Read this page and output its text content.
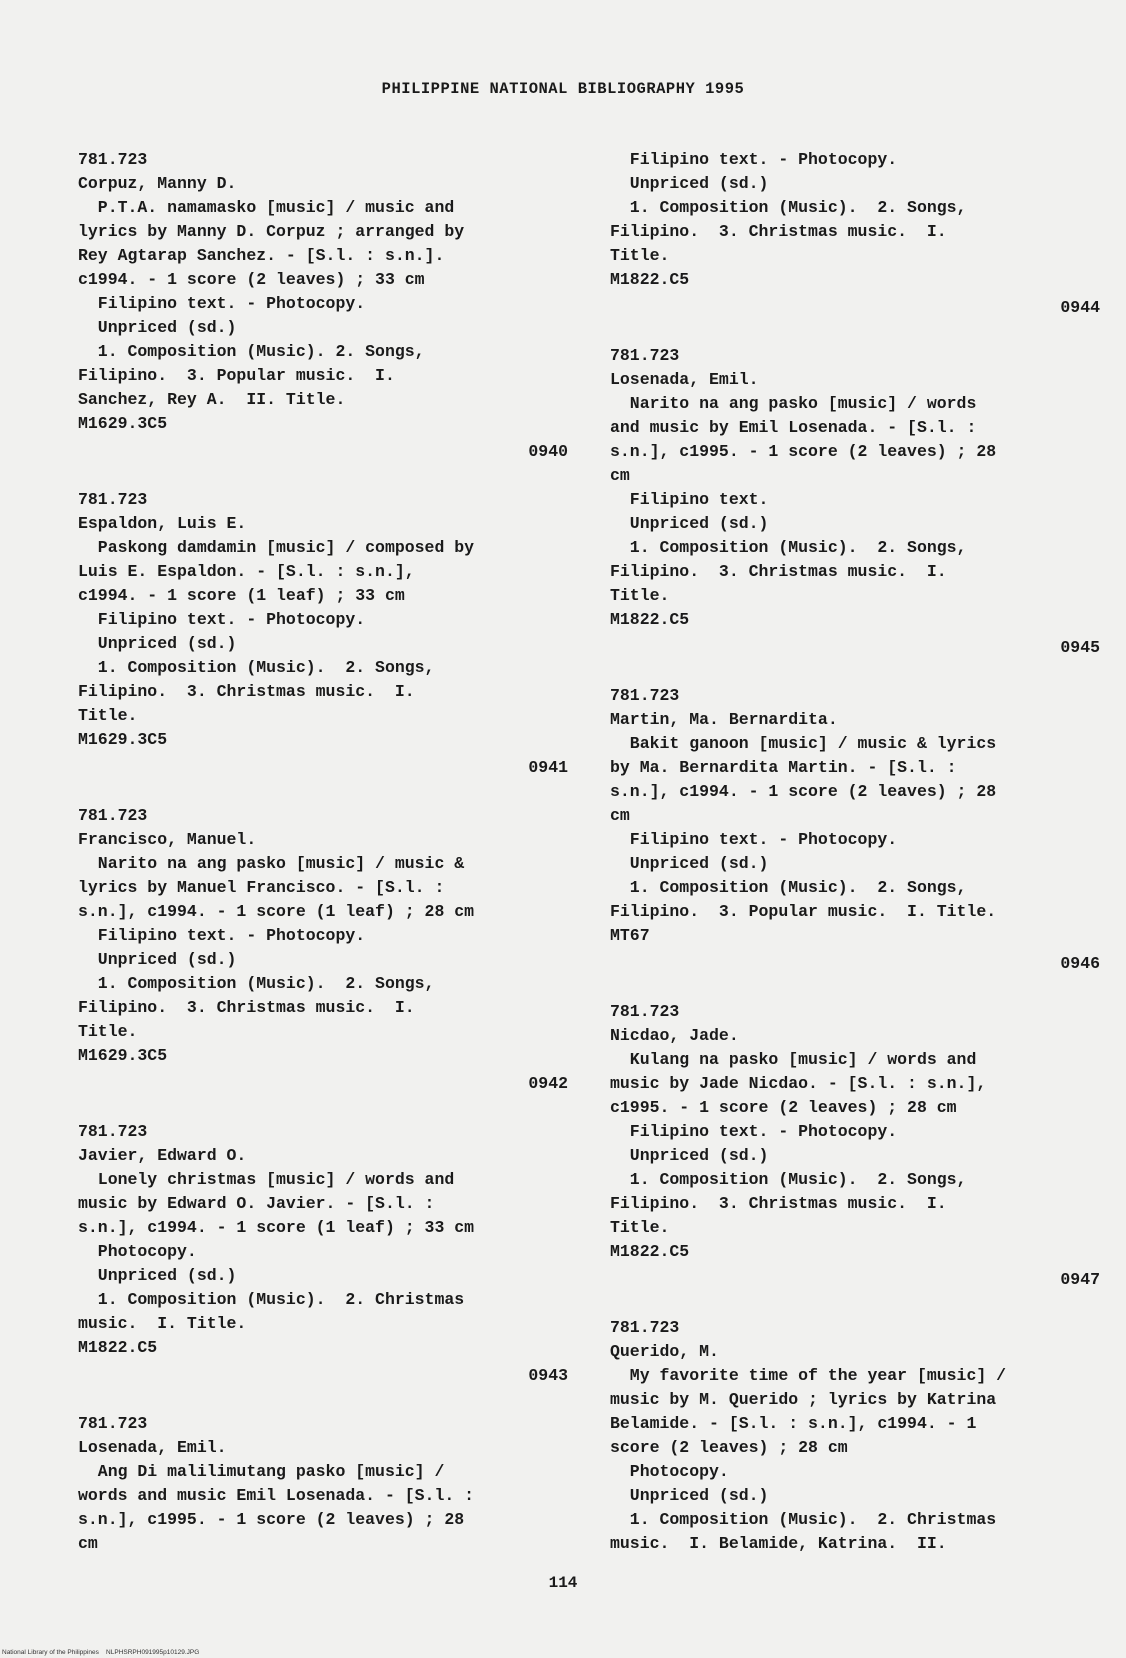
PHILIPPINE NATIONAL BIBLIOGRAPHY 1995
781.723
Corpuz, Manny D.
P.T.A. namamasko [music] / music and
lyrics by Manny D. Corpuz ; arranged by
Rey Agtarap Sanchez. - [S.l. : s.n.].
c1994. - 1 score (2 leaves) ; 33 cm
Filipino text. - Photocopy.
Unpriced (sd.)
1. Composition (Music). 2. Songs,
Filipino.  3. Popular music.  I.
Sanchez, Rey A.  II. Title.
M1629.3C5
0940
781.723
Espaldon, Luis E.
Paskong damdamin [music] / composed by
Luis E. Espaldon. - [S.l. : s.n.],
c1994. - 1 score (1 leaf) ; 33 cm
Filipino text. - Photocopy.
Unpriced (sd.)
1. Composition (Music).  2. Songs,
Filipino.  3. Christmas music.  I.
Title.
M1629.3C5
0941
781.723
Francisco, Manuel.
Narito na ang pasko [music] / music &
lyrics by Manuel Francisco. - [S.l. :
s.n.], c1994. - 1 score (1 leaf) ; 28 cm
Filipino text. - Photocopy.
Unpriced (sd.)
1. Composition (Music).  2. Songs,
Filipino.  3. Christmas music.  I.
Title.
M1629.3C5
0942
781.723
Javier, Edward O.
Lonely christmas [music] / words and
music by Edward O. Javier. - [S.l. :
s.n.], c1994. - 1 score (1 leaf) ; 33 cm
Photocopy.
Unpriced (sd.)
1. Composition (Music).  2. Christmas
music.  I. Title.
M1822.C5
0943
781.723
Losenada, Emil.
Ang Di malilimutang pasko [music] /
words and music Emil Losenada. - [S.l. :
s.n.], c1995. - 1 score (2 leaves) ; 28
cm
Filipino text. - Photocopy.
Unpriced (sd.)
1. Composition (Music).  2. Songs,
Filipino.  3. Christmas music.  I.
Title.
M1822.C5
0944
781.723
Losenada, Emil.
Narito na ang pasko [music] / words
and music by Emil Losenada. - [S.l. :
s.n.], c1995. - 1 score (2 leaves) ; 28
cm
Filipino text.
Unpriced (sd.)
1. Composition (Music).  2. Songs,
Filipino.  3. Christmas music.  I.
Title.
M1822.C5
0945
781.723
Martin, Ma. Bernardita.
Bakit ganoon [music] / music & lyrics
by Ma. Bernardita Martin. - [S.l. :
s.n.], c1994. - 1 score (2 leaves) ; 28
cm
Filipino text. - Photocopy.
Unpriced (sd.)
1. Composition (Music).  2. Songs,
Filipino.  3. Popular music.  I. Title.
MT67
0946
781.723
Nicdao, Jade.
Kulang na pasko [music] / words and
music by Jade Nicdao. - [S.l. : s.n.],
c1995. - 1 score (2 leaves) ; 28 cm
Filipino text. - Photocopy.
Unpriced (sd.)
1. Composition (Music).  2. Songs,
Filipino.  3. Christmas music.  I.
Title.
M1822.C5
0947
781.723
Querido, M.
My favorite time of the year [music] /
music by M. Querido ; lyrics by Katrina
Belamide. - [S.l. : s.n.], c1994. - 1
score (2 leaves) ; 28 cm
Photocopy.
Unpriced (sd.)
1. Composition (Music).  2. Christmas
music.  I. Belamide, Katrina.  II.
114
National Library of the Philippines    NLPHSRPH091995p10129.JPG
